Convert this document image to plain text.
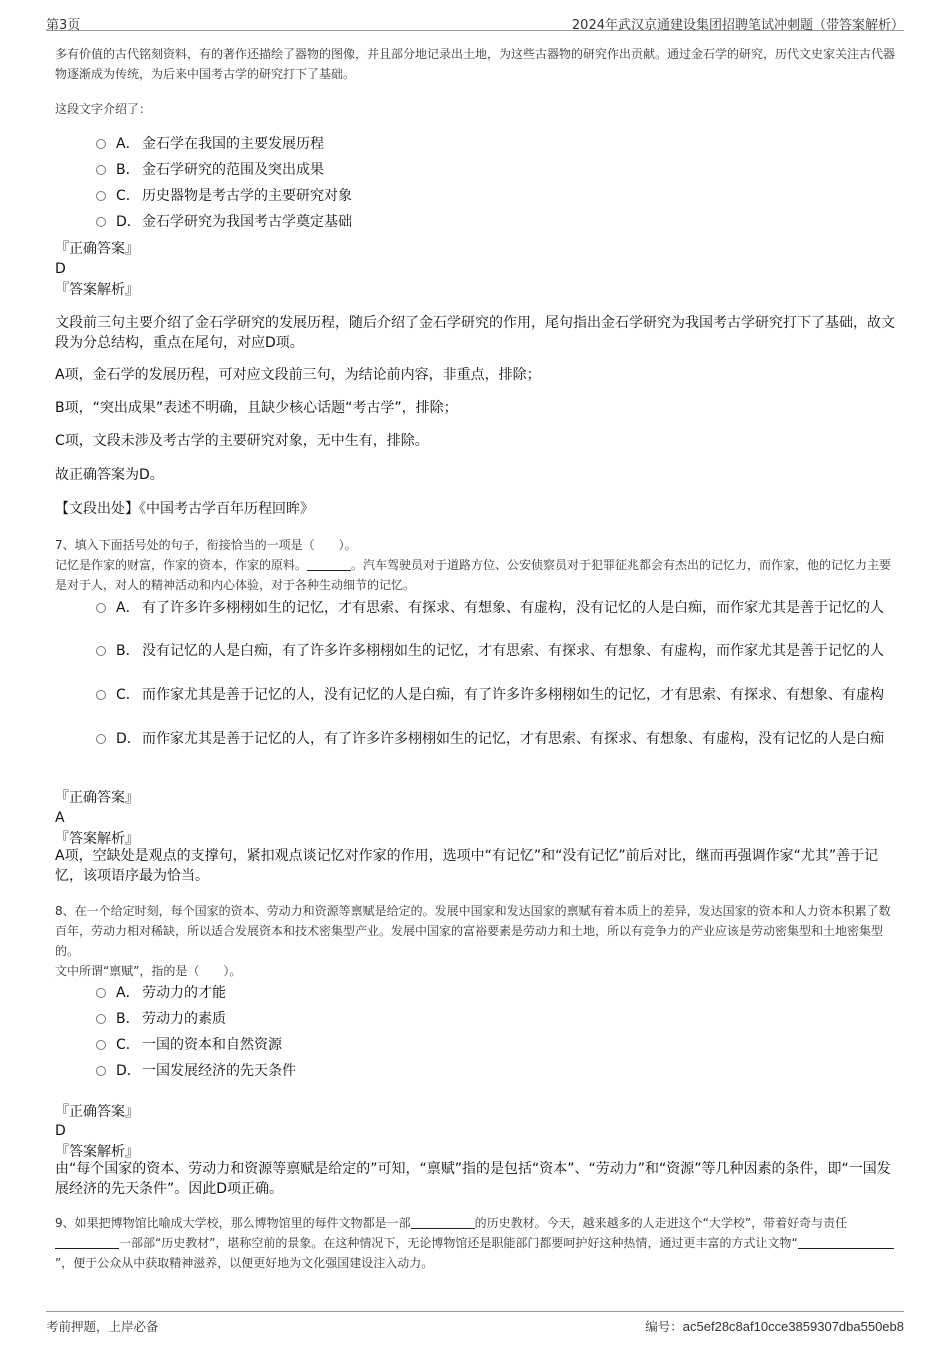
第3页	2024年武汉京通建设集团招聘笔试冲刺题（带答案解析）

多有价值的古代铭刻资料，有的著作还描绘了器物的图像，并且部分地记录出土地，为这些古器物的研究作出贡献。通过金石学的研究，历代文史家关注古代器物逐渐成为传统，为后来中国考古学的研究打下了基础。

这段文字介绍了：

A． 金石学在我国的主要发展历程
B． 金石学研究的范围及突出成果
C． 历史器物是考古学的主要研究对象
D．金石学研究为我国考古学奠定基础

『正确答案』

D

『答案解析』

文段前三句主要介绍了金石学研究的发展历程，随后介绍了金石学研究的作用，尾句指出金石学研究为我国考古学研究打下了基础，故文段为分总结构，重点在尾句，对应D项。

A项，金石学的发展历程，可对应文段前三句，为结论前内容，非重点，排除；

B项，“突出成果”表述不明确，且缺少核心话题“考古学”，排除；

C项，文段未涉及考古学的主要研究对象，无中生有，排除。

故正确答案为D。

【文段出处】《中国考古学百年历程回眸》

7、填入下面括号处的句子，衔接恰当的一项是（　　）。

记忆是作家的财富，作家的资本，作家的原料。	。汽车驾驶员对于道路方位、公安侦察员对于犯罪征兆都会有杰出的记忆力，而作家，他的记忆力主要是对于人，对人的精神活动和内心体验，对于各种生动细节的记忆。

A． 有了许多许多栩栩如生的记忆，才有思索、有探求、有想象、有虚构，没有记忆的人是白痴，而作家尤其是善于记忆的人
B． 没有记忆的人是白痴，有了许多许多栩栩如生的记忆，才有思索、有探求、有想象、有虚构，而作家尤其是善于记忆的人
C． 而作家尤其是善于记忆的人，没有记忆的人是白痴，有了许多许多栩栩如生的记忆，才有思索、有探求、有想象、有虚构
D．而作家尤其是善于记忆的人，有了许多许多栩栩如生的记忆，才有思索、有探求、有想象、有虚构，没有记忆的人是白痴

『正确答案』

A

『答案解析』

A项，空缺处是观点的支撑句，紧扣观点谈记忆对作家的作用，选项中“有记忆”和“没有记忆”前后对比，继而再强调作家“尤其”善于记忆，该项语序最为恰当。

8、在一个给定时刻，每个国家的资本、劳动力和资源等禀赋是给定的。发展中国家和发达国家的禀赋有着本质上的差异，发达国家的资本和人力资本积累了数百年，劳动力相对稀缺，所以适合发展资本和技术密集型产业。发展中国家的富裕要素是劳动力和土地，所以有竞争力的产业应该是劳动密集型和土地密集型的。

文中所谓“禀赋”，指的是（　　）。

A． 劳动力的才能
B． 劳动力的素质
C． 一国的资本和自然资源
D．一国发展经济的先天条件

『正确答案』

D

『答案解析』

由“每个国家的资本、劳动力和资源等禀赋是给定的”可知，“禀赋”指的是包括“资本”、“劳动力”和“资源”等几种因素的条件，即“一国发展经济的先天条件”。因此D项正确。

9、如果把博物馆比喻成大学校，那么博物馆里的每件文物都是一部	的历史教材。今天，越来越多的人走进这个“大学校”，带着好奇与责任一部部“历史教材”，堪称空前的景象。在这种情况下，无论博物馆还是职能部门都要呵护好这种热情，通过更丰富的方式让文物“”，便于公众从中获取精神滋养，以便更好地为文化强国建设注入动力。

考前押题，上岸必备	编号：ac5ef28c8af10cce3859307dba550eb8
